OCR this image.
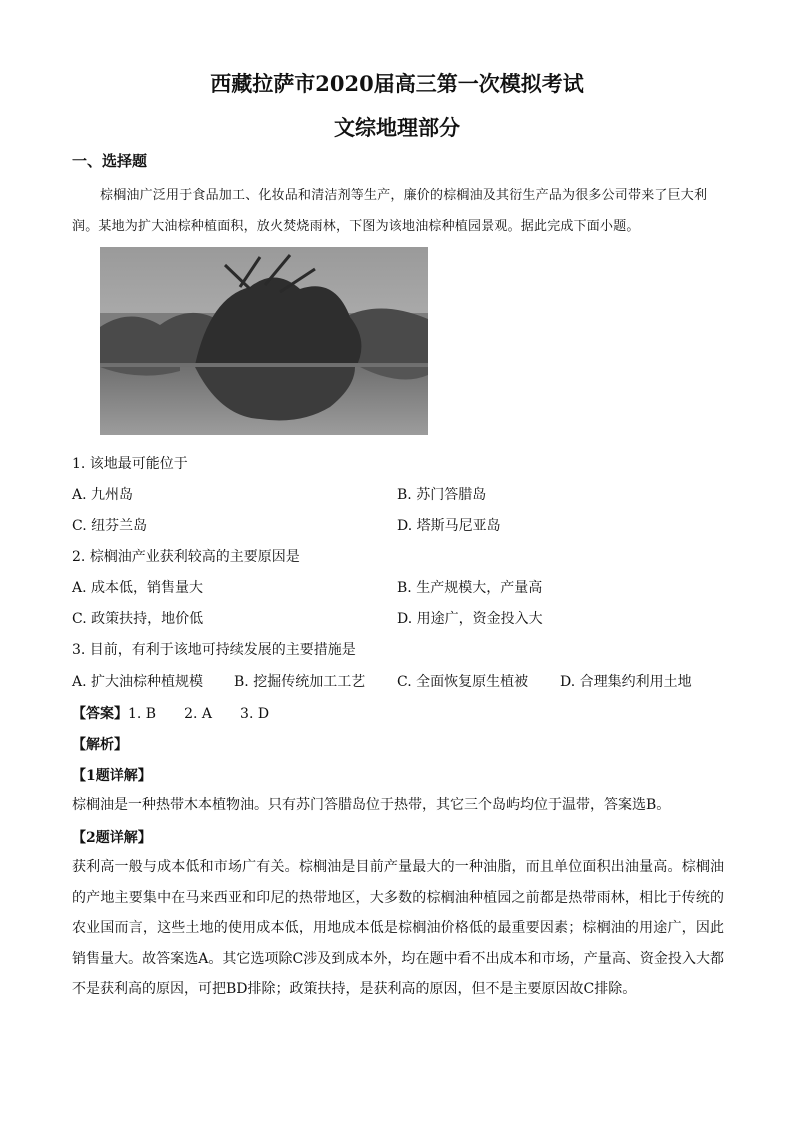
西藏拉萨市2020届高三第一次模拟考试
文综地理部分
一、选择题
棕榈油广泛用于食品加工、化妆品和清洁剂等生产，廉价的棕榈油及其衍生产品为很多公司带来了巨大利润。某地为扩大油棕种植面积，放火焚烧雨林，下图为该地油棕种植园景观。据此完成下面小题。
1. 该地最可能位于
A. 九州岛	B. 苏门答腊岛
C. 纽芬兰岛	D. 塔斯马尼亚岛
2. 棕榈油产业获利较高的主要原因是
A. 成本低，销售量大	B. 生产规模大，产量高
C. 政策扶持，地价低	D. 用途广，资金投入大
3. 目前，有利于该地可持续发展的主要措施是
A. 扩大油棕种植规模 B. 挖掘传统加工工艺 C. 全面恢复原生植被 D. 合理集约利用土地
【答案】1. B 2. A 3. D
【解析】
【1题详解】
棕榈油是一种热带木本植物油。只有苏门答腊岛位于热带，其它三个岛屿均位于温带，答案选B。
【2题详解】
获利高一般与成本低和市场广有关。棕榈油是目前产量最大的一种油脂，而且单位面积出油量高。棕榈油的产地主要集中在马来西亚和印尼的热带地区，大多数的棕榈油种植园之前都是热带雨林，相比于传统的农业国而言，这些土地的使用成本低，用地成本低是棕榈油价格低的最重要因素；棕榈油的用途广，因此销售量大。故答案选A。其它选项除C涉及到成本外，均在题中看不出成本和市场，产量高、资金投入大都不是获利高的原因，可把BD排除；政策扶持，是获利高的原因，但不是主要原因故C排除。
